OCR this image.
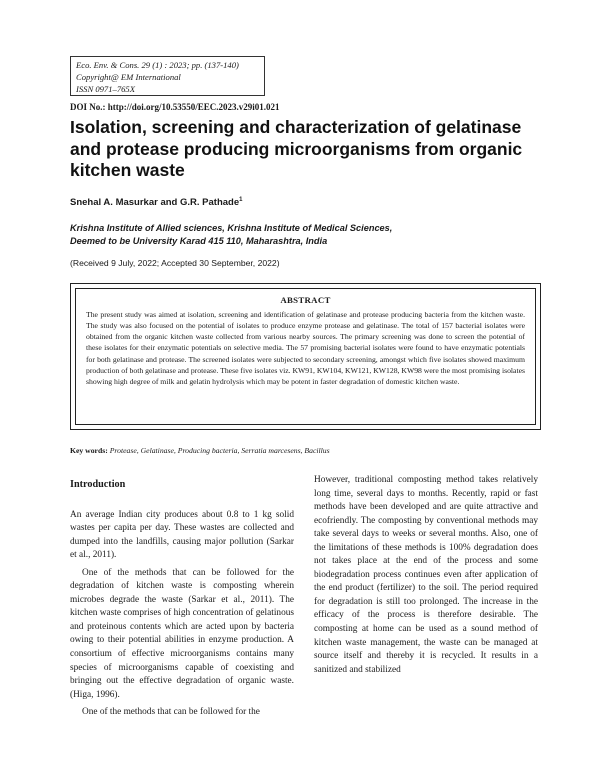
Eco. Env. & Cons. 29 (1) : 2023; pp. (137-140)
Copyright@ EM International
ISSN 0971–765X
DOI No.: http://doi.org/10.53550/EEC.2023.v29i01.021
Isolation, screening and characterization of gelatinase and protease producing microorganisms from organic kitchen waste
Snehal A. Masurkar and G.R. Pathade$^1$
Krishna Institute of Allied sciences, Krishna Institute of Medical Sciences,
Deemed to be University Karad 415 110, Maharashtra, India
(Received 9 July, 2022; Accepted 30 September, 2022)
ABSTRACT
The present study was aimed at isolation, screening and identification of gelatinase and protease producing bacteria from the kitchen waste. The study was also focused on the potential of isolates to produce enzyme protease and gelatinase. The total of 157 bacterial isolates were obtained from the organic kitchen waste collected from various nearby sources. The primary screening was done to screen the potential of these isolates for their enzymatic potentials on selective media. The 57 promising bacterial isolates were found to have enzymatic potentials for both gelatinase and protease. The screened isolates were subjected to secondary screening, amongst which five isolates showed maximum production of both gelatinase and protease. These five isolates viz. KW91, KW104, KW121, KW128, KW98 were the most promising isolates showing high degree of milk and gelatin hydrolysis which may be potent in faster degradation of domestic kitchen waste.
Key words: Protease, Gelatinase, Producing bacteria, Serratia marcesens, Bacillus
Introduction

An average Indian city produces about 0.8 to 1 kg solid wastes per capita per day. These wastes are collected and dumped into the landfills, causing major pollution (Sarkar et al., 2011).

One of the methods that can be followed for the degradation of kitchen waste is composting wherein microbes degrade the waste (Sarkar et al., 2011). The kitchen waste comprises of high concentration of gelatinous and proteinous contents which are acted upon by bacteria owing to their potential abilities in enzyme production. A consortium of effective microorganisms contains many species of microorganisms capable of coexisting and bringing out the effective degradation of organic waste. (Higa, 1996).

One of the methods that can be followed for the

However, traditional composting method takes relatively long time, several days to months. Recently, rapid or fast methods have been developed and are quite attractive and ecofriendly. The composting by conventional methods may take several days to weeks or several months. Also, one of the limitations of these methods is 100% degradation does not takes place at the end of the process and some biodegradation process continues even after application of the end product (fertilizer) to the soil. The period required for degradation is still too prolonged. The increase in the efficacy of the process is therefore desirable. The composting at home can be used as a sound method of kitchen waste management, the waste can be managed at source itself and thereby it is recycled. It results in a sanitized and stabilized
